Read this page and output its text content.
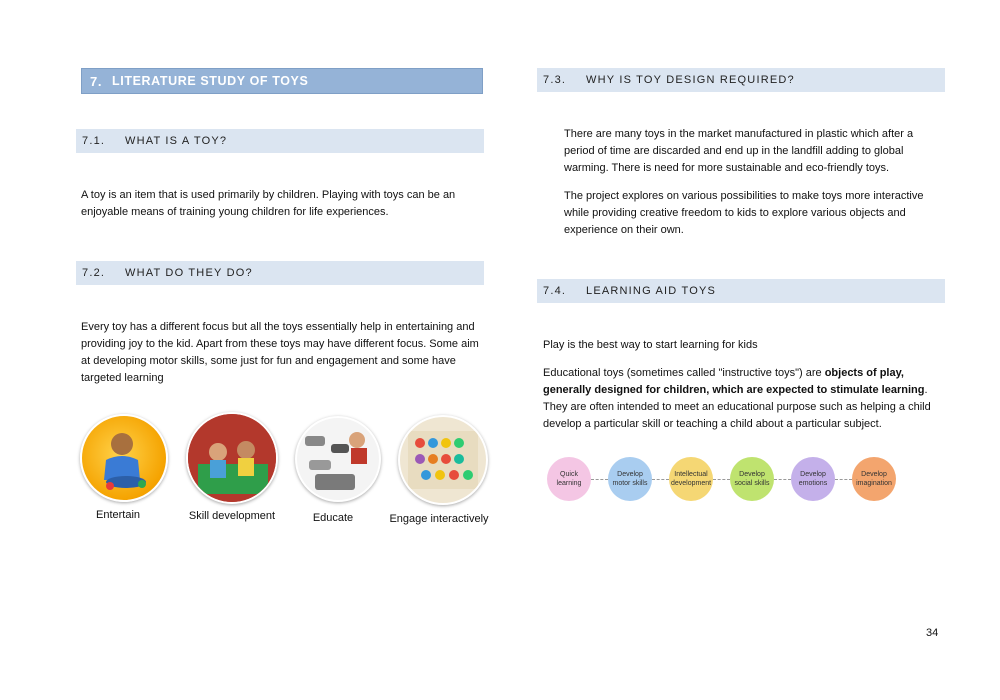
7. LITERATURE STUDY OF TOYS
7.1.	WHAT IS A TOY?
A toy is an item that is used primarily by children. Playing with toys can be an enjoyable means of training young children for life experiences.
7.2.	WHAT DO THEY DO?
Every toy has a different focus but all the toys essentially help in entertaining and providing joy to the kid. Apart from these toys may have different focus. Some aim at developing motor skills, some just for fun and engagement and some have targeted learning
Entertain	Skill development	Educate	Engage interactively
7.3.	WHY IS TOY DESIGN REQUIRED?
There are many toys in the market manufactured in plastic which after a period of time are discarded and end up in the landfill adding to global warming. There is need for more sustainable and eco-friendly toys.
The project explores on various possibilities to make toys more interactive while providing creative freedom to kids to explore various objects and experience on their own.
7.4.	LEARNING AID TOYS
Play is the best way to start learning for kids
Educational toys (sometimes called "instructive toys") are objects of play, generally designed for children, which are expected to stimulate learning. They are often intended to meet an educational purpose such as helping a child develop a particular skill or teaching a child about a particular subject.
Quick learning
Develop motor skills
Intellectual development
Develop social skills
Develop emotions
Develop imagination
34
